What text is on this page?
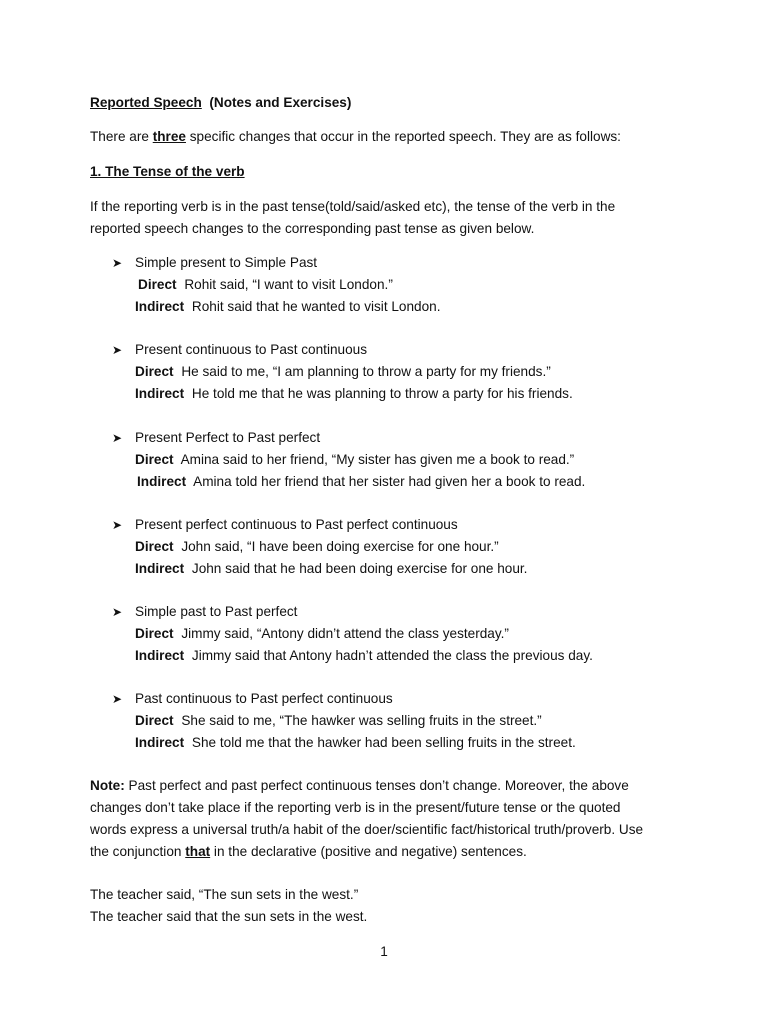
Reported Speech (Notes and Exercises)
There are three specific changes that occur in the reported speech. They are as follows:
1. The Tense of the verb
If the reporting verb is in the past tense(told/said/asked etc), the tense of the verb in the
reported speech changes to the corresponding past tense as given below.
➤ Simple present to Simple Past
Direct Rohit said, “I want to visit London.”
Indirect Rohit said that he wanted to visit London.
➤ Present continuous to Past continuous
Direct He said to me, “I am planning to throw a party for my friends.”
Indirect He told me that he was planning to throw a party for his friends.
➤ Present Perfect to Past perfect
Direct Amina said to her friend, “My sister has given me a book to read.”
Indirect Amina told her friend that her sister had given her a book to read.
➤ Present perfect continuous to Past perfect continuous
Direct John said, “I have been doing exercise for one hour.”
Indirect John said that he had been doing exercise for one hour.
➤ Simple past to Past perfect
Direct Jimmy said, “Antony didn’t attend the class yesterday.”
Indirect Jimmy said that Antony hadn’t attended the class the previous day.
➤ Past continuous to Past perfect continuous
Direct She said to me, “The hawker was selling fruits in the street.”
Indirect She told me that the hawker had been selling fruits in the street.
Note: Past perfect and past perfect continuous tenses don’t change. Moreover, the above
changes don’t take place if the reporting verb is in the present/future tense or the quoted
words express a universal truth/a habit of the doer/scientific fact/historical truth/proverb. Use
the conjunction that in the declarative (positive and negative) sentences.
The teacher said, “The sun sets in the west.”
The teacher said that the sun sets in the west.
1
